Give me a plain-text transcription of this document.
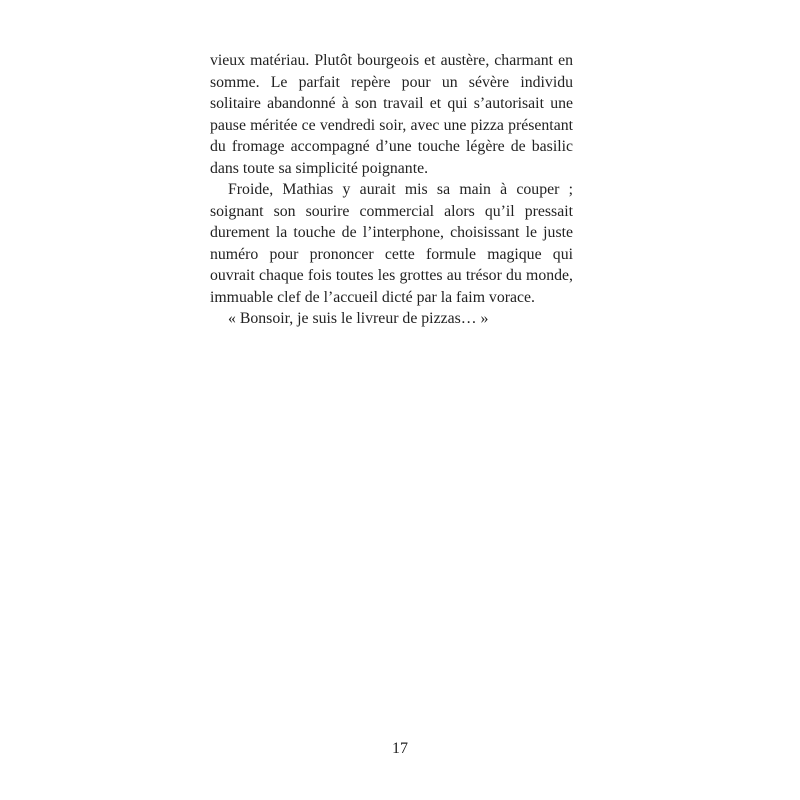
vieux matériau. Plutôt bourgeois et austère, charmant en somme. Le parfait repère pour un sévère individu solitaire abandonné à son travail et qui s’autorisait une pause méritée ce vendredi soir, avec une pizza présentant du fromage accompagné d’une touche légère de basilic dans toute sa simplicité poignante.

Froide, Mathias y aurait mis sa main à couper ; soignant son sourire commercial alors qu’il pressait durement la touche de l’interphone, choisissant le juste numéro pour prononcer cette formule magique qui ouvrait chaque fois toutes les grottes au trésor du monde, immuable clef de l’accueil dicté par la faim vorace.

« Bonsoir, je suis le livreur de pizzas… »

17
